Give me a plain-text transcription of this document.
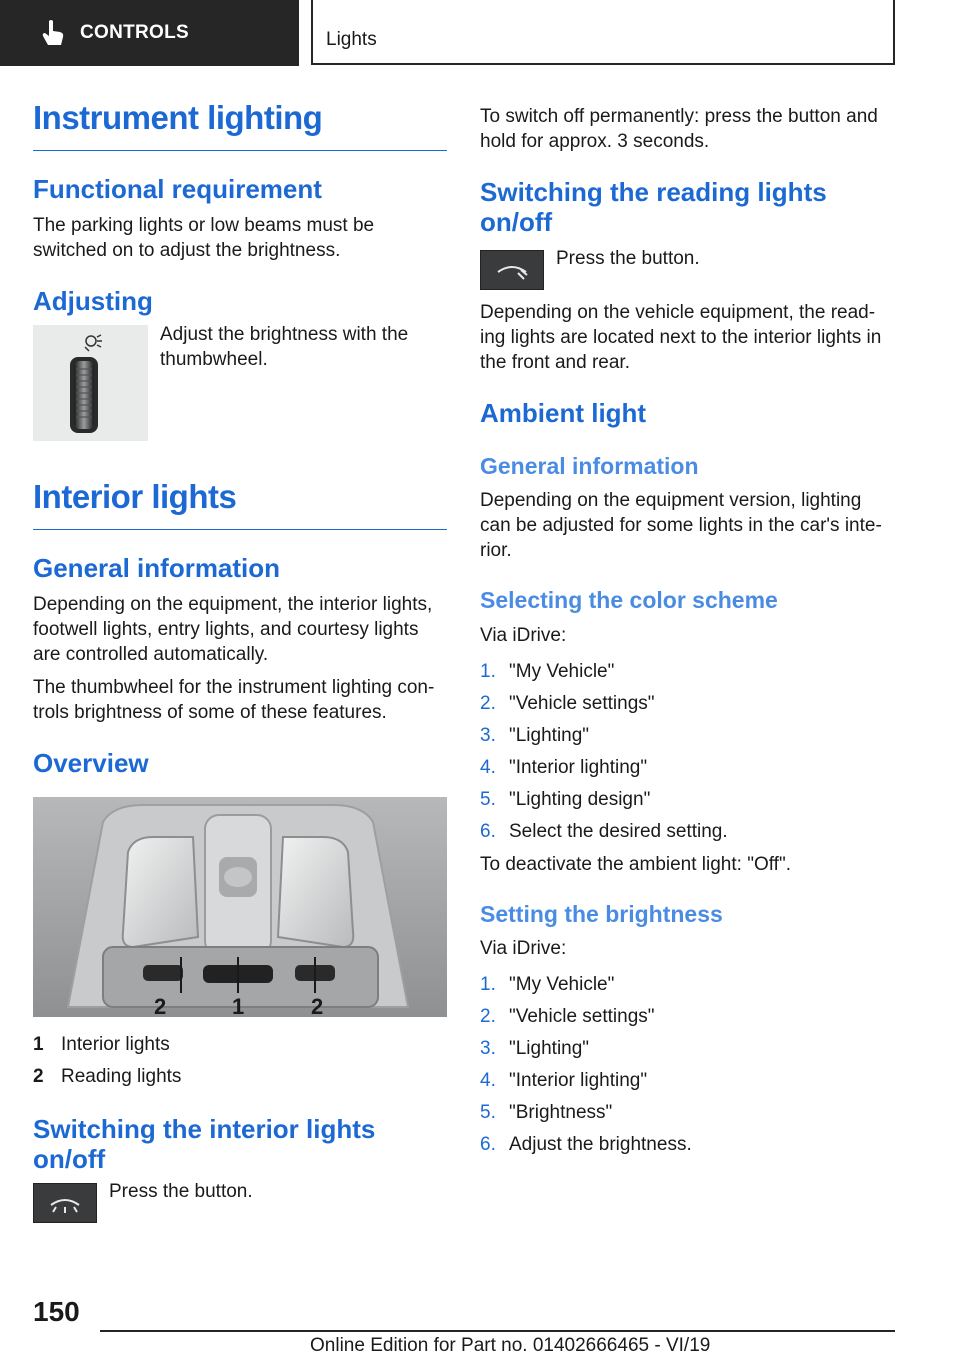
CONTROLS	Lights
Instrument lighting
Functional requirement

The parking lights or low beams must be switched on to adjust the brightness.

Adjusting

Adjust the brightness with the thumbwheel.

Interior lights
General information

Depending on the equipment, the interior lights, footwell lights, entry lights, and courtesy lights are controlled automatically.

The thumbwheel for the instrument lighting con-trols brightness of some of these features.

Overview
2	1	2
1 Interior lights
2 Reading lights
Switching the interior lights on/off

Press the button.

To switch off permanently: press the button and hold for approx. 3 seconds.

Switching the reading lights on/off

Press the button.

Depending on the vehicle equipment, the read-ing lights are located next to the interior lights in the front and rear.

Ambient light
General information

Depending on the equipment version, lighting can be adjusted for some lights in the car's inte-rior.

Selecting the color scheme

Via iDrive:

1. "My Vehicle"
2. "Vehicle settings"
3. "Lighting"
4. "Interior lighting"
5. "Lighting design"
6. Select the desired setting.

To deactivate the ambient light: "Off".

Setting the brightness

Via iDrive:

1. "My Vehicle"
2. "Vehicle settings"
3. "Lighting"
4. "Interior lighting"
5. "Brightness"
6. Adjust the brightness.
150
Online Edition for Part no. 01402666465 - VI/19
